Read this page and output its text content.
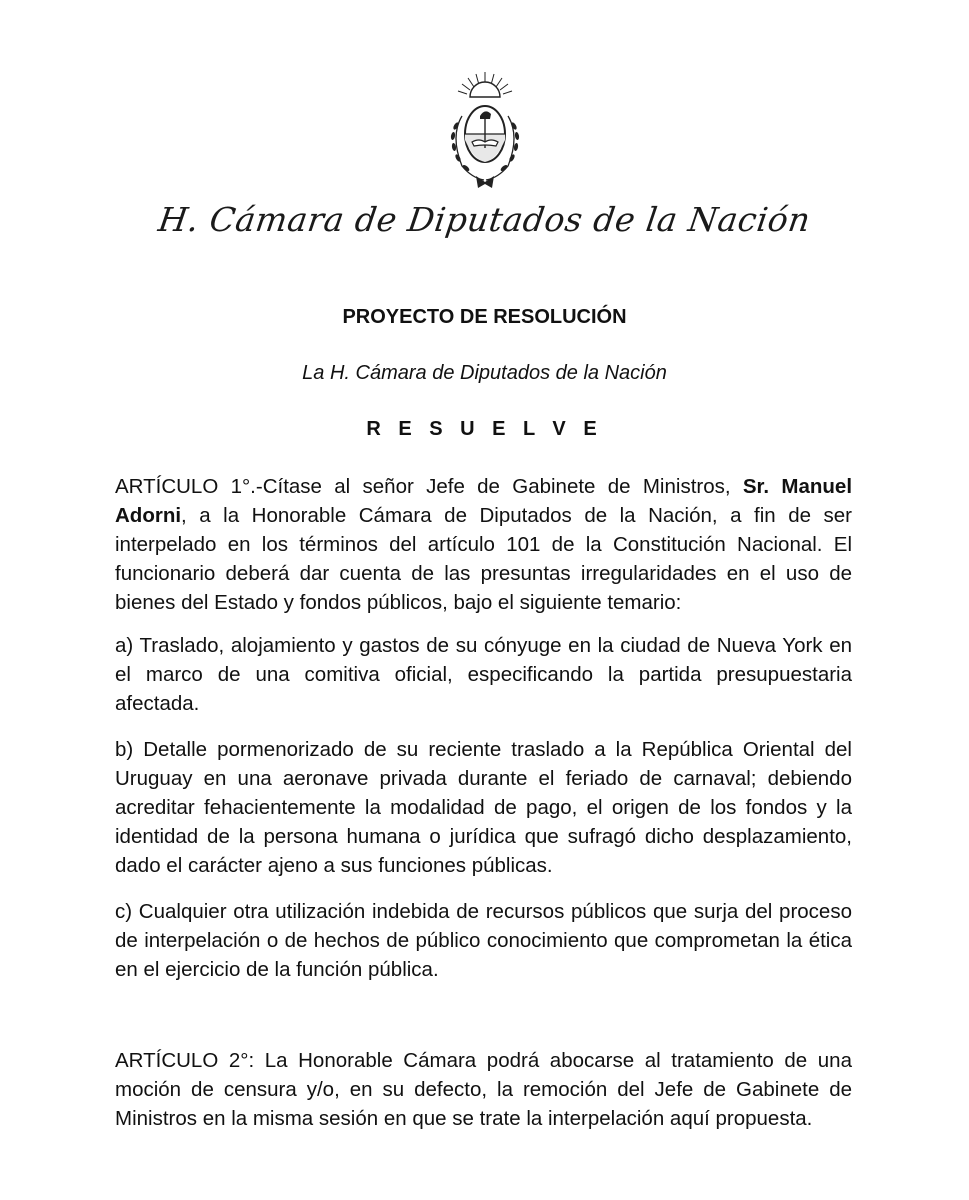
H. Cámara de Diputados de la Nación
PROYECTO DE RESOLUCIÓN
La H. Cámara de Diputados de la Nación
R E S U E L V E
ARTÍCULO 1°.-Cítase al señor Jefe de Gabinete de Ministros, Sr. Manuel Adorni, a la Honorable Cámara de Diputados de la Nación, a fin de ser interpelado en los términos del artículo 101 de la Constitución Nacional. El funcionario deberá dar cuenta de las presuntas irregularidades en el uso de bienes del Estado y fondos públicos, bajo el siguiente temario:
a) Traslado, alojamiento y gastos de su cónyuge en la ciudad de Nueva York en el marco de una comitiva oficial, especificando la partida presupuestaria afectada.
b) Detalle pormenorizado de su reciente traslado a la República Oriental del Uruguay en una aeronave privada durante el feriado de carnaval; debiendo acreditar fehacientemente la modalidad de pago, el origen de los fondos y la identidad de la persona humana o jurídica que sufragó dicho desplazamiento, dado el carácter ajeno a sus funciones públicas.
c) Cualquier otra utilización indebida de recursos públicos que surja del proceso de interpelación o de hechos de público conocimiento que comprometan la ética en el ejercicio de la función pública.
ARTÍCULO 2°: La Honorable Cámara podrá abocarse al tratamiento de una moción de censura y/o, en su defecto, la remoción del Jefe de Gabinete de Ministros en la misma sesión en que se trate la interpelación aquí propuesta.
